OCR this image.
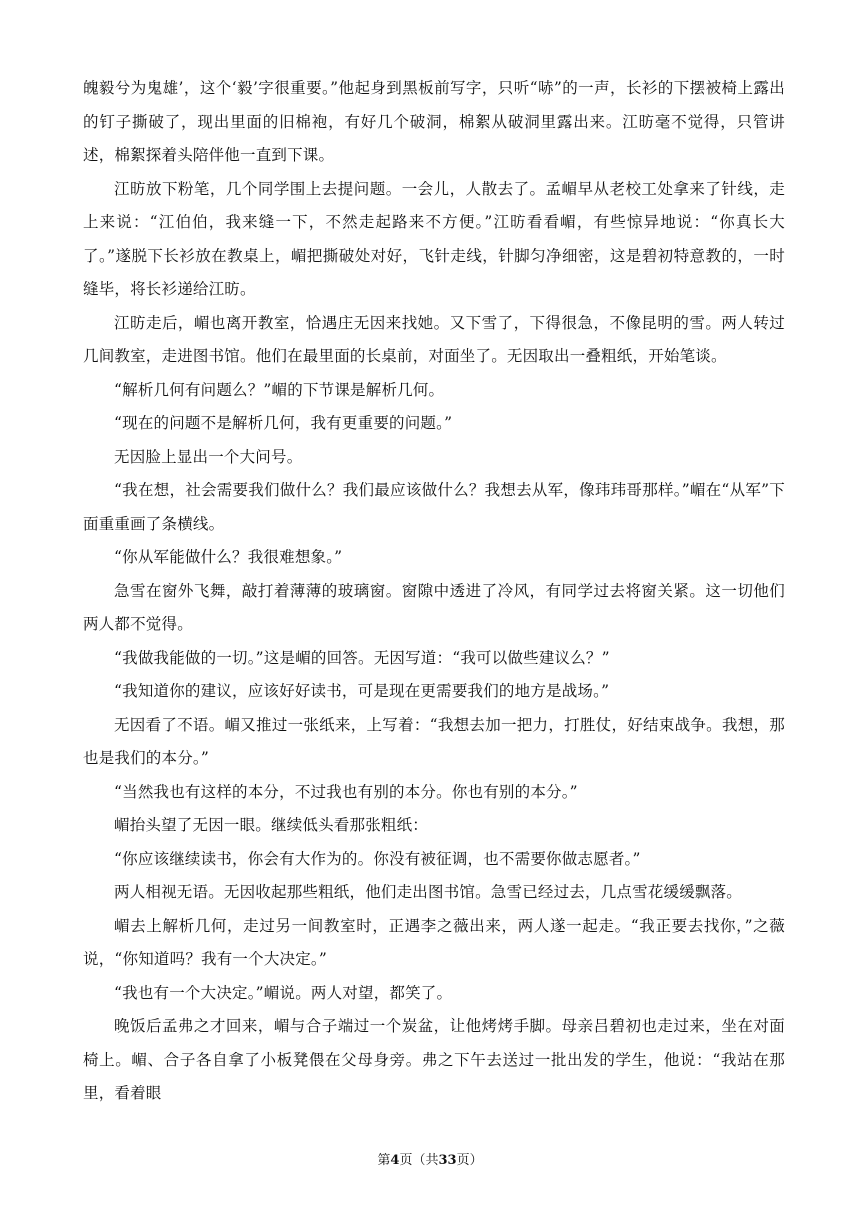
魄毅兮为鬼雄’，这个‘毅’字很重要。”他起身到黑板前写字，只听“哧”的一声，长衫的下摆被椅上露出的钉子撕破了，现出里面的旧棉袍，有好几个破洞，棉絮从破洞里露出来。江昉毫不觉得，只管讲述，棉絮探着头陪伴他一直到下课。

江昉放下粉笔，几个同学围上去提问题。一会儿，人散去了。孟嵋早从老校工处拿来了针线，走上来说：“江伯伯，我来缝一下，不然走起路来不方便。”江昉看看嵋，有些惊异地说：“你真长大了。”遂脱下长衫放在教桌上，嵋把撕破处对好，飞针走线，针脚匀净细密，这是碧初特意教的，一时缝毕，将长衫递给江昉。

江昉走后，嵋也离开教室，恰遇庄无因来找她。又下雪了，下得很急，不像昆明的雪。两人转过几间教室，走进图书馆。他们在最里面的长桌前，对面坐了。无因取出一叠粗纸，开始笔谈。

“解析几何有问题么？”嵋的下节课是解析几何。

“现在的问题不是解析几何，我有更重要的问题。”

无因脸上显出一个大问号。

“我在想，社会需要我们做什么？我们最应该做什么？我想去从军，像玮玮哥那样。”嵋在“从军”下面重重画了条横线。

“你从军能做什么？我很难想象。”

急雪在窗外飞舞，敲打着薄薄的玻璃窗。窗隙中透进了冷风，有同学过去将窗关紧。这一切他们两人都不觉得。

“我做我能做的一切。”这是嵋的回答。无因写道：“我可以做些建议么？”

“我知道你的建议，应该好好读书，可是现在更需要我们的地方是战场。”

无因看了不语。嵋又推过一张纸来，上写着：“我想去加一把力，打胜仗，好结束战争。我想，那也是我们的本分。”

“当然我也有这样的本分，不过我也有别的本分。你也有别的本分。”

嵋抬头望了无因一眼。继续低头看那张粗纸：

“你应该继续读书，你会有大作为的。你没有被征调，也不需要你做志愿者。”

两人相视无语。无因收起那些粗纸，他们走出图书馆。急雪已经过去，几点雪花缓缓飘落。

嵋去上解析几何，走过另一间教室时，正遇李之薇出来，两人遂一起走。“我正要去找你，”之薇说，“你知道吗？我有一个大决定。”

“我也有一个大决定。”嵋说。两人对望，都笑了。

晚饭后孟弗之才回来，嵋与合子端过一个炭盆，让他烤烤手脚。母亲吕碧初也走过来，坐在对面椅上。嵋、合子各自拿了小板凳偎在父母身旁。弗之下午去送过一批出发的学生，他说：“我站在那里，看着眼

第4页（共33页）
